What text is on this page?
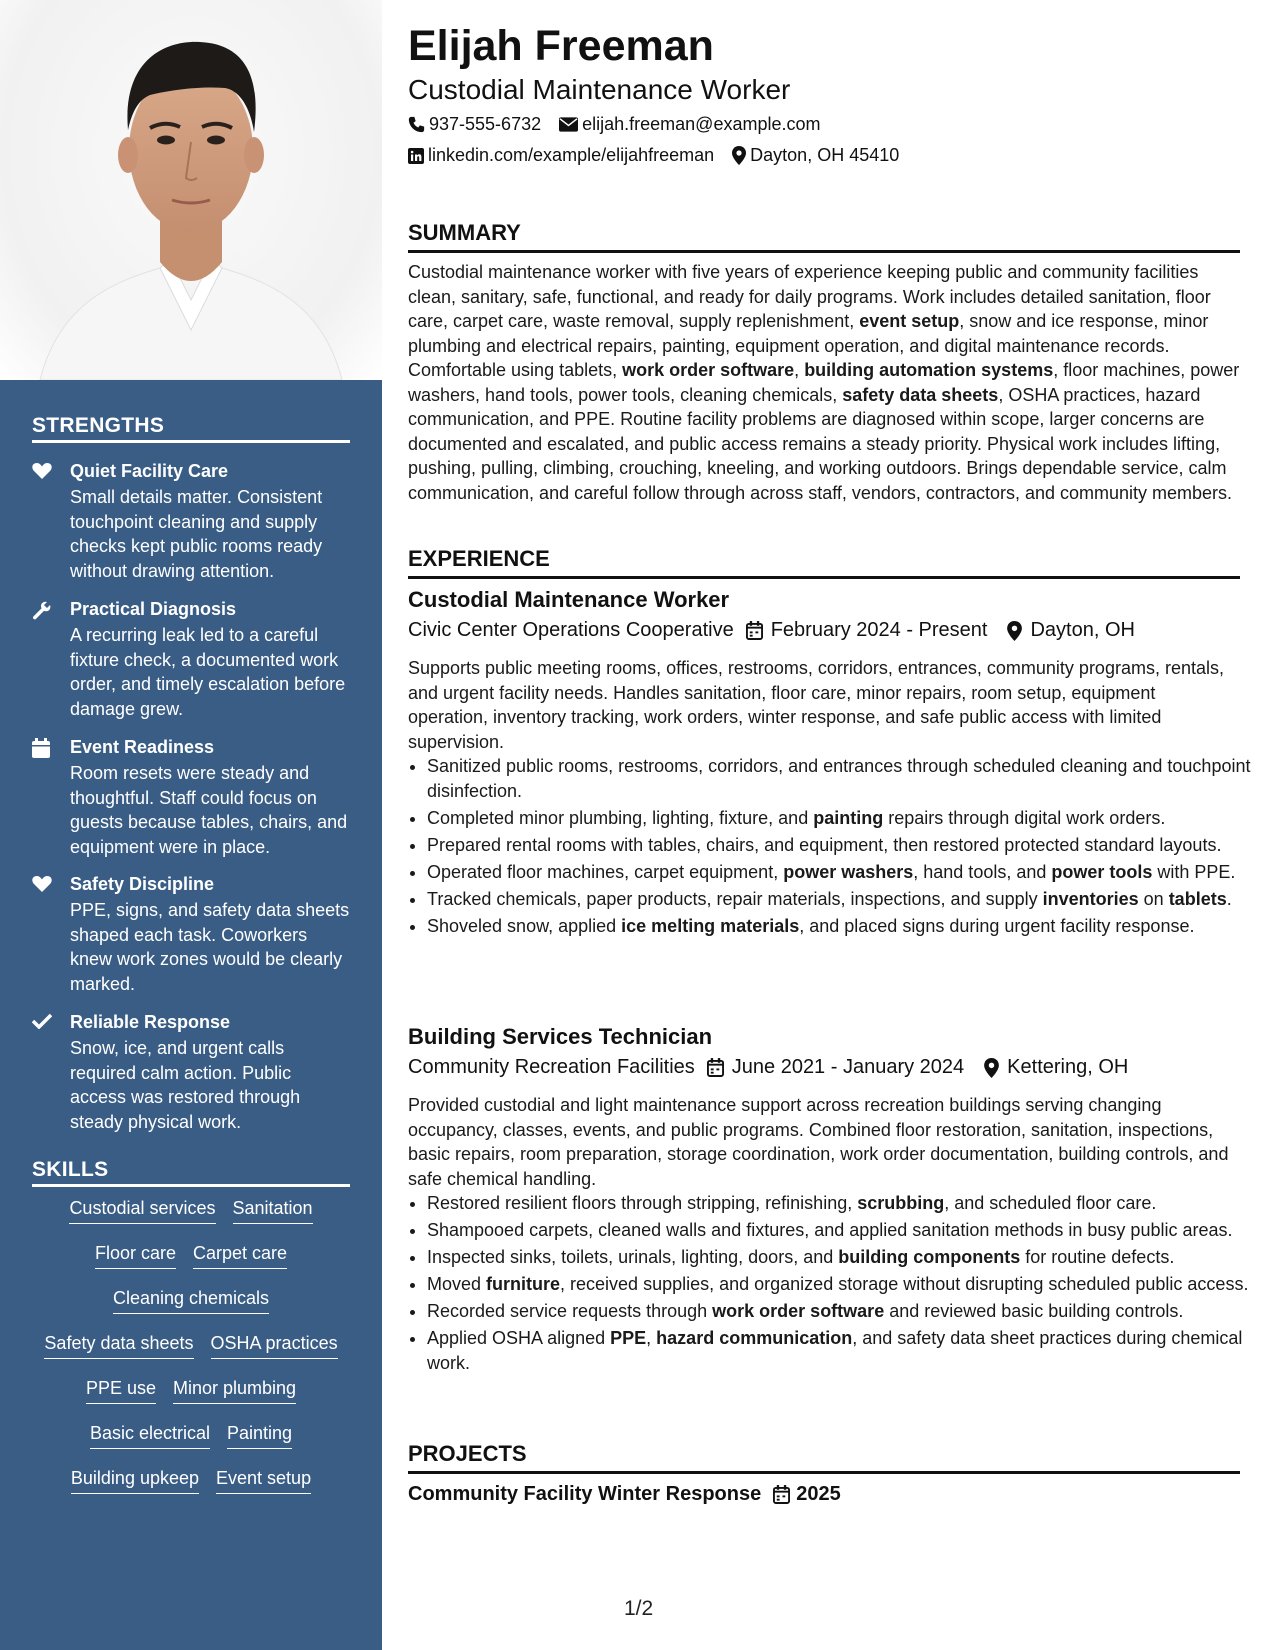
STRENGTHS
Quiet Facility Care
Small details matter. Consistent touchpoint cleaning and supply checks kept public rooms ready without drawing attention.
Practical Diagnosis
A recurring leak led to a careful fixture check, a documented work order, and timely escalation before damage grew.
Event Readiness
Room resets were steady and thoughtful. Staff could focus on guests because tables, chairs, and equipment were in place.
Safety Discipline
PPE, signs, and safety data sheets shaped each task. Coworkers knew work zones would be clearly marked.
Reliable Response
Snow, ice, and urgent calls required calm action. Public access was restored through steady physical work.
SKILLS
Custodial services Sanitation
Floor care Carpet care
Cleaning chemicals
Safety data sheets OSHA practices
PPE use Minor plumbing
Basic electrical Painting
Building upkeep Event setup
Elijah Freeman
Custodial Maintenance Worker
937-555-6732 elijah.freeman@example.com
linkedin.com/example/elijahfreeman Dayton, OH 45410
SUMMARY
Custodial maintenance worker with five years of experience keeping public and community facilities clean, sanitary, safe, functional, and ready for daily programs. Work includes detailed sanitation, floor care, carpet care, waste removal, supply replenishment, event setup, snow and ice response, minor plumbing and electrical repairs, painting, equipment operation, and digital maintenance records. Comfortable using tablets, work order software, building automation systems, floor machines, power washers, hand tools, power tools, cleaning chemicals, safety data sheets, OSHA practices, hazard communication, and PPE. Routine facility problems are diagnosed within scope, larger concerns are documented and escalated, and public access remains a steady priority. Physical work includes lifting, pushing, pulling, climbing, crouching, kneeling, and working outdoors. Brings dependable service, calm communication, and careful follow through across staff, vendors, contractors, and community members.
EXPERIENCE
Custodial Maintenance Worker
Civic Center Operations Cooperative February 2024 - Present Dayton, OH
Supports public meeting rooms, offices, restrooms, corridors, entrances, community programs, rentals, and urgent facility needs. Handles sanitation, floor care, minor repairs, room setup, equipment operation, inventory tracking, work orders, winter response, and safe public access with limited supervision.
• Sanitized public rooms, restrooms, corridors, and entrances through scheduled cleaning and touchpoint disinfection.
• Completed minor plumbing, lighting, fixture, and painting repairs through digital work orders.
• Prepared rental rooms with tables, chairs, and equipment, then restored protected standard layouts.
• Operated floor machines, carpet equipment, power washers, hand tools, and power tools with PPE.
• Tracked chemicals, paper products, repair materials, inspections, and supply inventories on tablets.
• Shoveled snow, applied ice melting materials, and placed signs during urgent facility response.
Building Services Technician
Community Recreation Facilities June 2021 - January 2024 Kettering, OH
Provided custodial and light maintenance support across recreation buildings serving changing occupancy, classes, events, and public programs. Combined floor restoration, sanitation, inspections, basic repairs, room preparation, storage coordination, work order documentation, building controls, and safe chemical handling.
• Restored resilient floors through stripping, refinishing, scrubbing, and scheduled floor care.
• Shampooed carpets, cleaned walls and fixtures, and applied sanitation methods in busy public areas.
• Inspected sinks, toilets, urinals, lighting, doors, and building components for routine defects.
• Moved furniture, received supplies, and organized storage without disrupting scheduled public access.
• Recorded service requests through work order software and reviewed basic building controls.
• Applied OSHA aligned PPE, hazard communication, and safety data sheet practices during chemical work.
PROJECTS
Community Facility Winter Response 2025
1/2
